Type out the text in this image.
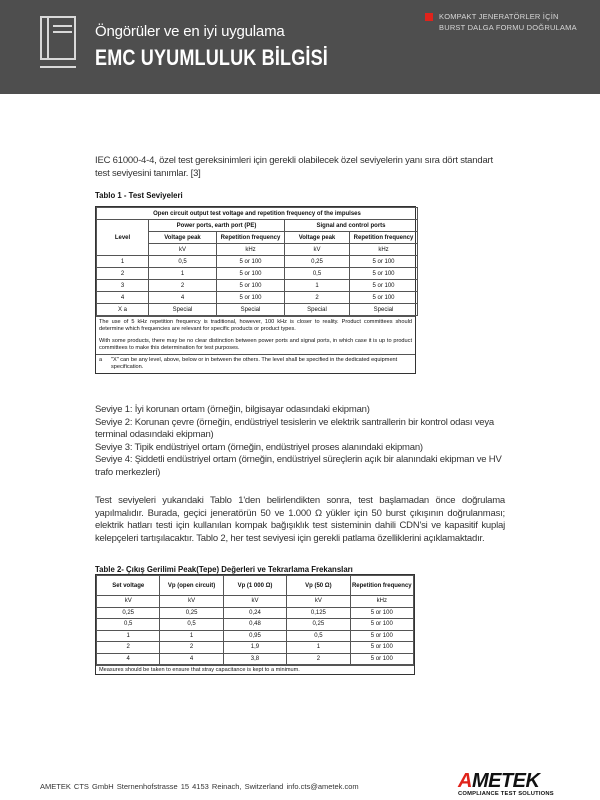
Öngörüler ve en iyi uygulama
EMC UYUMLULUK BİLGİSİ
KOMPAKT JENERATÖRLER İÇİN
BURST DALGA FORMU DOĞRULAMA
IEC 61000-4-4, özel test gereksinimleri için gerekli olabilecek özel seviyelerin yanı sıra dört standart test seviyesini tanımlar. [3]
Tablo 1 - Test Seviyeleri
Open circuit output test voltage and repetition frequency of the impulses				
Level	Power ports, earth port (PE)		Signal and control ports	
	Voltage peak	Repetition frequency	Voltage peak	Repetition frequency
	kV	kHz	kV	kHz
1	0,5	5 or 100	0,25	5 or 100
2	1	5 or 100	0,5	5 or 100
3	2	5 or 100	1	5 or 100
4	4	5 or 100	2	5 or 100
X a	Special	Special	Special	Special
The use of 5 kHz repetition frequency is traditional, however, 100 kHz is closer to reality. Product committees should determine which frequencies are relevant for specific products or product types.
With some products, there may be no clear distinction between power ports and signal ports, in which case it is up to product committees to make this determination for test purposes.
a	"X" can be any level, above, below or in between the others. The level shall be specified in the dedicated equipment specification.
Seviye 1: İyi korunan ortam (örneğin, bilgisayar odasındaki ekipman)
Seviye 2: Korunan çevre (örneğin, endüstriyel tesislerin ve elektrik santrallerin bir kontrol odası veya terminal odasındaki ekipman)
Seviye 3: Tipik endüstriyel ortam (örneğin, endüstriyel proses alanındaki ekipman)
Seviye 4: Şiddetli endüstriyel ortam (örneğin, endüstriyel süreçlerin açık bir alanındaki ekipman ve HV trafo merkezleri)
Test seviyeleri yukarıdaki Tablo 1'den belirlendikten sonra, test başlamadan önce doğrulama yapılmalıdır. Burada, geçici jeneratörün 50 ve 1.000 Ω yükler için 50 burst çıkışının doğrulanması; elektrik hatları testi için kullanılan kompak bağışıklık test sisteminin dahili CDN'si ve kapasitif kuplaj kelepçeleri tartışılacaktır. Tablo 2, her test seviyesi için gerekli patlama özelliklerini açıklamaktadır.
Table 2- Çıkış Gerilimi Peak(Tepe) Değerleri ve Tekrarlama Frekansları
Set voltage	Vp (open circuit)	Vp (1 000 Ω)	Vp (50 Ω)	Repetition frequency
kV	kV	kV	kV	kHz
0,25	0,25	0,24	0,125	5 or 100
0,5	0,5	0,48	0,25	5 or 100
1	1	0,95	0,5	5 or 100
2	2	1,9	1	5 or 100
4	4	3,8	2	5 or 100
Measures should be taken to ensure that stray capacitance is kept to a minimum.
AMETEK CTS GmbH Sternenhofstrasse 15 4153 Reinach, Switzerland info.cts@ametek.com	AMETEK
COMPLIANCE TEST SOLUTIONS
